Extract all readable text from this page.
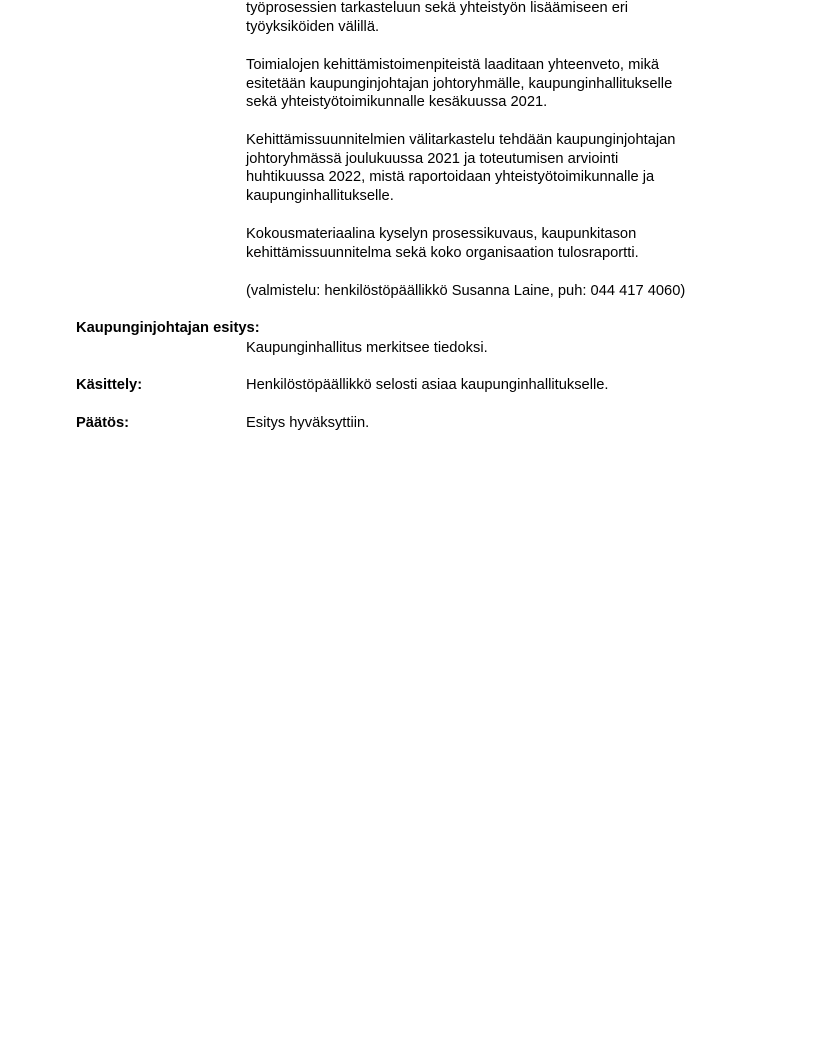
työprosessien tarkasteluun sekä yhteistyön lisäämiseen eri
työyksiköiden välillä.

Toimialojen kehittämistoimenpiteistä laaditaan yhteenveto, mikä
esitetään kaupunginjohtajan johtoryhmälle, kaupunginhallitukselle
sekä yhteistyötoimikunnalle kesäkuussa 2021.

Kehittämissuunnitelmien välitarkastelu tehdään kaupunginjohtajan
johtoryhmässä joulukuussa 2021 ja toteutumisen arviointi
huhtikuussa 2022, mistä raportoidaan yhteistyötoimikunnalle ja
kaupunginhallitukselle.

Kokousmateriaalina kyselyn prosessikuvaus, kaupunkitason
kehittämissuunnitelma sekä koko organisaation tulosraportti.

(valmistelu: henkilöstöpäällikkö Susanna Laine, puh: 044 417 4060)

Kaupunginjohtajan esitys:
Kaupunginhallitus merkitsee tiedoksi.
Käsittely:	Henkilöstöpäällikkö selosti asiaa kaupunginhallitukselle.
Päätös:	Esitys hyväksyttiin.
